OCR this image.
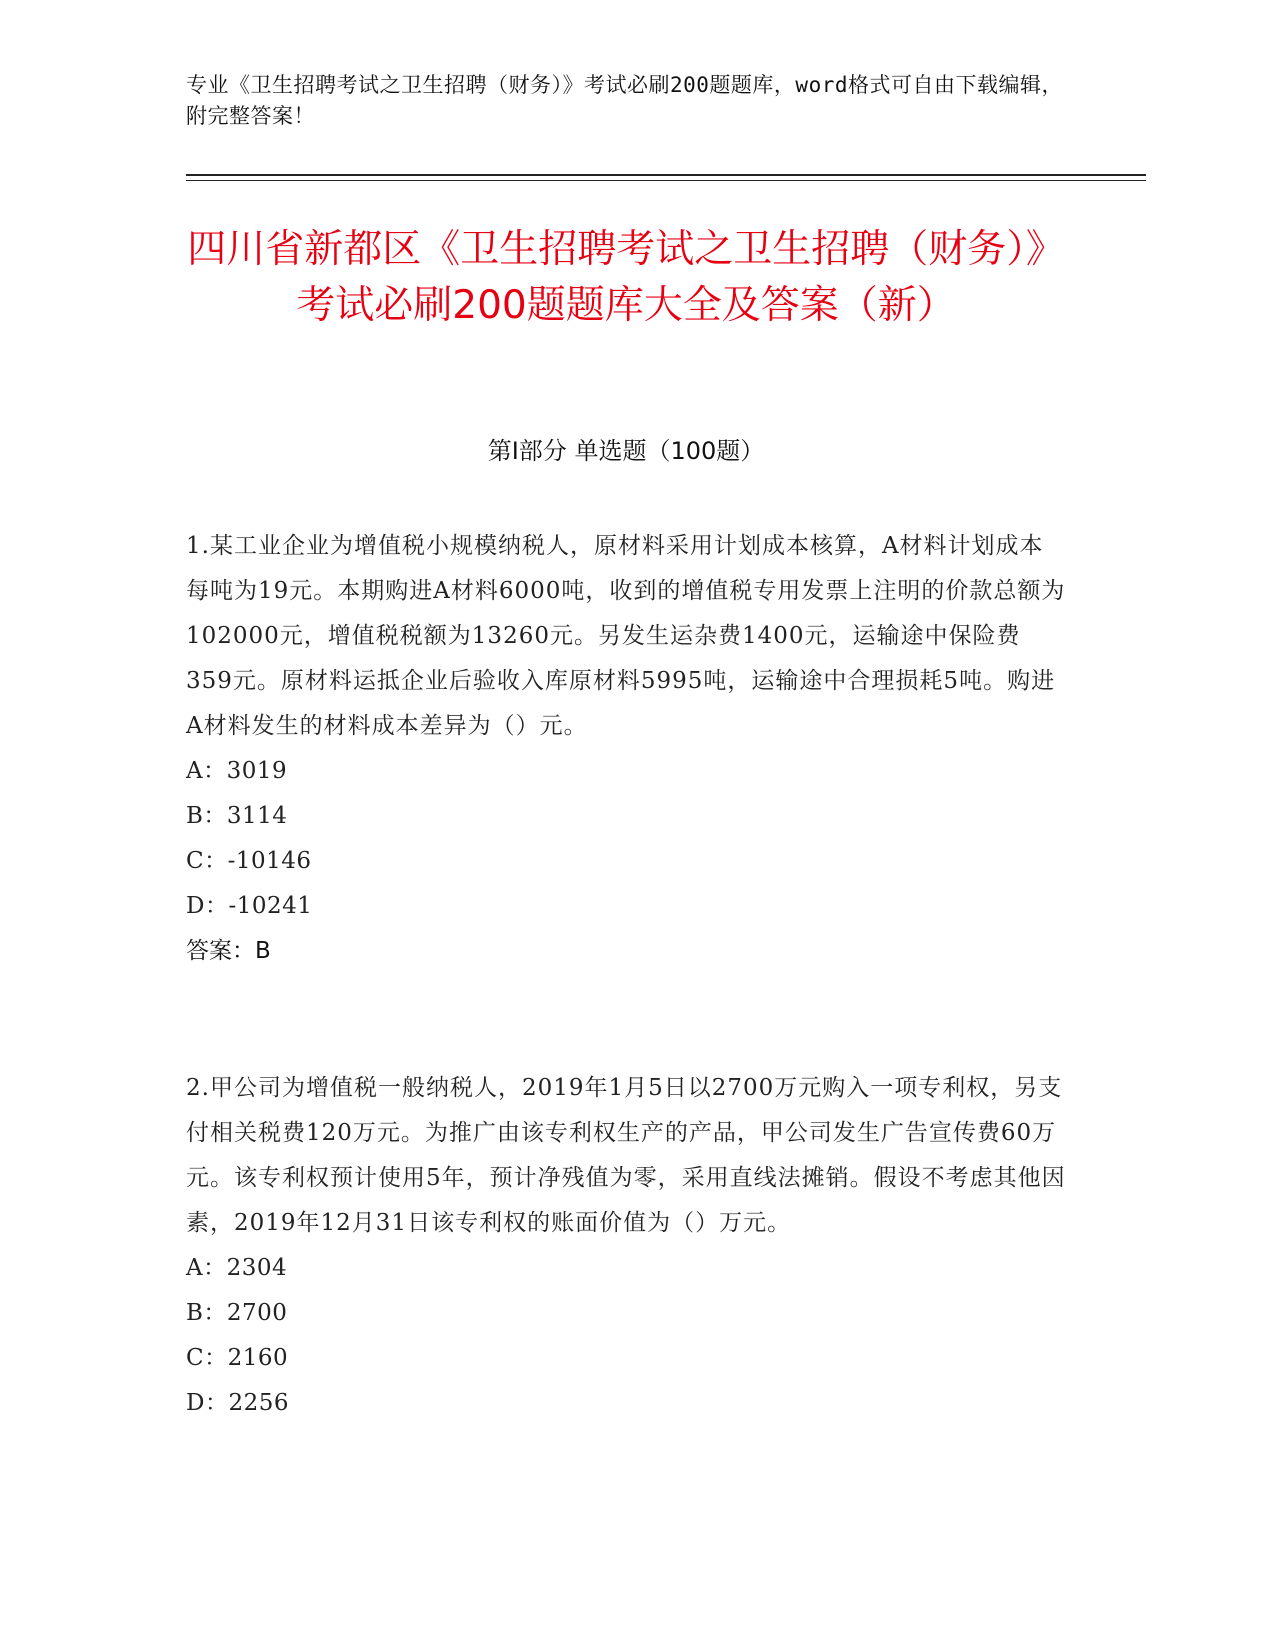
专业《卫生招聘考试之卫生招聘（财务）》考试必刷200题题库，word格式可自由下载编辑，附完整答案！
四川省新都区《卫生招聘考试之卫生招聘（财务）》考试必刷200题题库大全及答案（新）
第I部分 单选题（100题）
1.某工业企业为增值税小规模纳税人，原材料采用计划成本核算，A材料计划成本每吨为19元。本期购进A材料6000吨，收到的增值税专用发票上注明的价款总额为102000元，增值税税额为13260元。另发生运杂费1400元，运输途中保险费359元。原材料运抵企业后验收入库原材料5995吨，运输途中合理损耗5吨。购进A材料发生的材料成本差异为（）元。
A：3019
B：3114
C：-10146
D：-10241
答案：B
2.甲公司为增值税一般纳税人，2019年1月5日以2700万元购入一项专利权，另支付相关税费120万元。为推广由该专利权生产的产品，甲公司发生广告宣传费60万元。该专利权预计使用5年，预计净残值为零，采用直线法摊销。假设不考虑其他因素，2019年12月31日该专利权的账面价值为（）万元。
A：2304
B：2700
C：2160
D：2256
